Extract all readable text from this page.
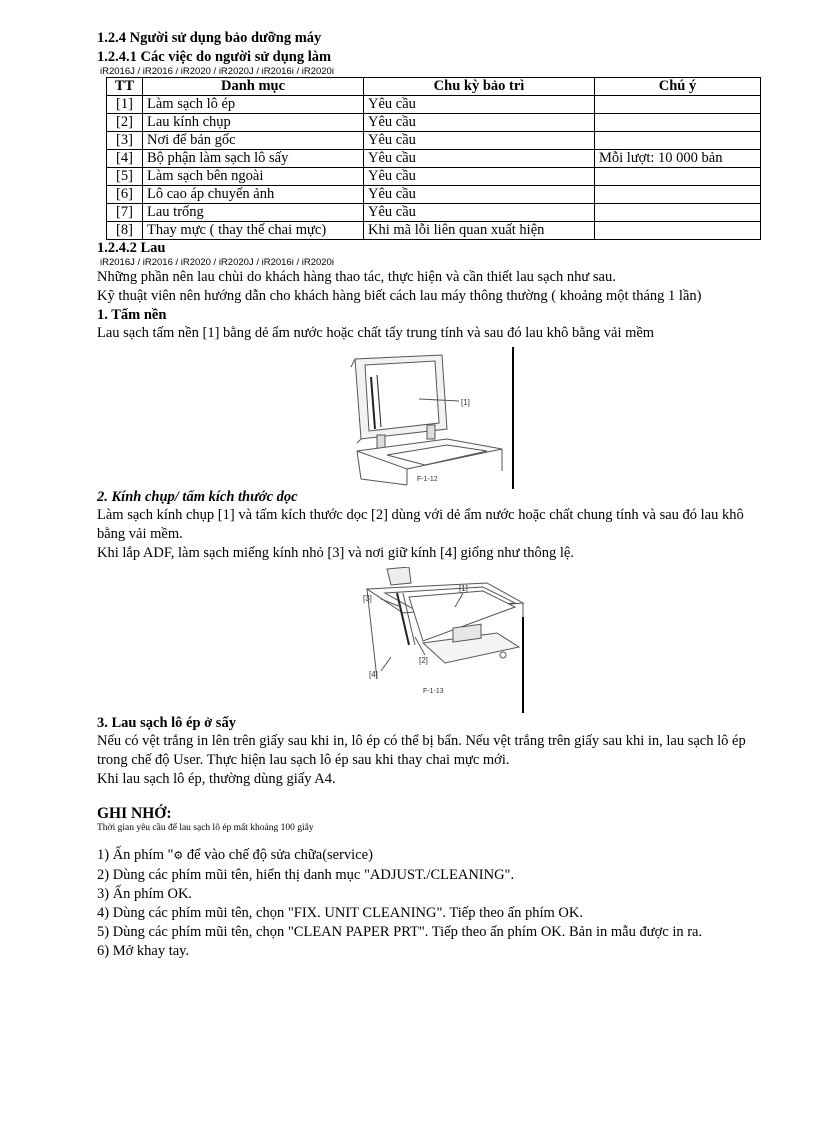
1.2.4 Người sử dụng bảo dưỡng máy

1.2.4.1 Các việc do người sử dụng làm

iR2016J / iR2016 / iR2020 / iR2020J / iR2016i / iR2020i

TT	Danh mục	Chu kỳ bảo trì	Chú ý
[1]	Làm sạch lô ép	Yêu cầu	
[2]	Lau kính chụp	Yêu cầu	
[3]	Nơi để bản gốc	Yêu cầu	
[4]	Bộ phận làm sạch lô sấy	Yêu cầu	Mỗi lượt: 10 000 bản
[5]	Làm sạch bên ngoài	Yêu cầu	
[6]	Lô cao áp chuyển ảnh	Yêu cầu	
[7]	Lau trống	Yêu cầu	
[8]	Thay mực ( thay thế chai mực)	Khi mã lỗi liên quan xuất hiện	

1.2.4.2 Lau

iR2016J / iR2016 / iR2020 / iR2020J / iR2016i / iR2020i

Những phần nên lau chùi do khách hàng thao tác, thực hiện và cần thiết lau sạch như sau.

Kỹ thuật viên nên hướng dẫn cho khách hàng biết cách lau máy thông thường ( khoảng một tháng 1 lần)

1. Tấm nền

Lau sạch tấm nền [1] bằng dẻ ẩm nước hoặc chất tẩy trung tính và sau đó lau khô bằng vải mềm

[1]
F-1-12

2. Kính chụp/ tấm kích thước dọc

Làm sạch kính chụp [1] và tấm kích thước dọc [2] dùng với dẻ ẩm nước hoặc chất chung tính và sau đó lau khô bằng vải mềm.

Khi lắp ADF, làm sạch miếng kính nhỏ [3] và nơi giữ kính [4] giống như thông lệ.

[1]
[2]
[3]
[4]
F-1-13

3. Lau sạch lô ép ở sấy

Nếu có vệt trắng in lên trên giấy sau khi in, lô ép có thể bị bẩn. Nếu vệt trắng trên giấy sau khi in, lau sạch lô ép trong chế độ User. Thực hiện lau sạch lô ép sau khi thay chai mực mới.

Khi lau sạch lô ép, thường dùng giấy A4.

GHI NHỚ:

Thời gian yêu cầu để lau sạch lô ép mất khoảng 100 giây

1) Ấn phím "⚙ để vào chế độ sửa chữa(service)

2) Dùng các phím mũi tên, hiển thị danh mục "ADJUST./CLEANING".

3) Ấn phím OK.

4) Dùng các phím mũi tên, chọn "FIX. UNIT CLEANING". Tiếp theo ấn phím OK.

5) Dùng các phím mũi tên, chọn "CLEAN PAPER PRT". Tiếp theo ấn phím OK. Bản in mẫu được in ra.

6) Mở khay tay.
